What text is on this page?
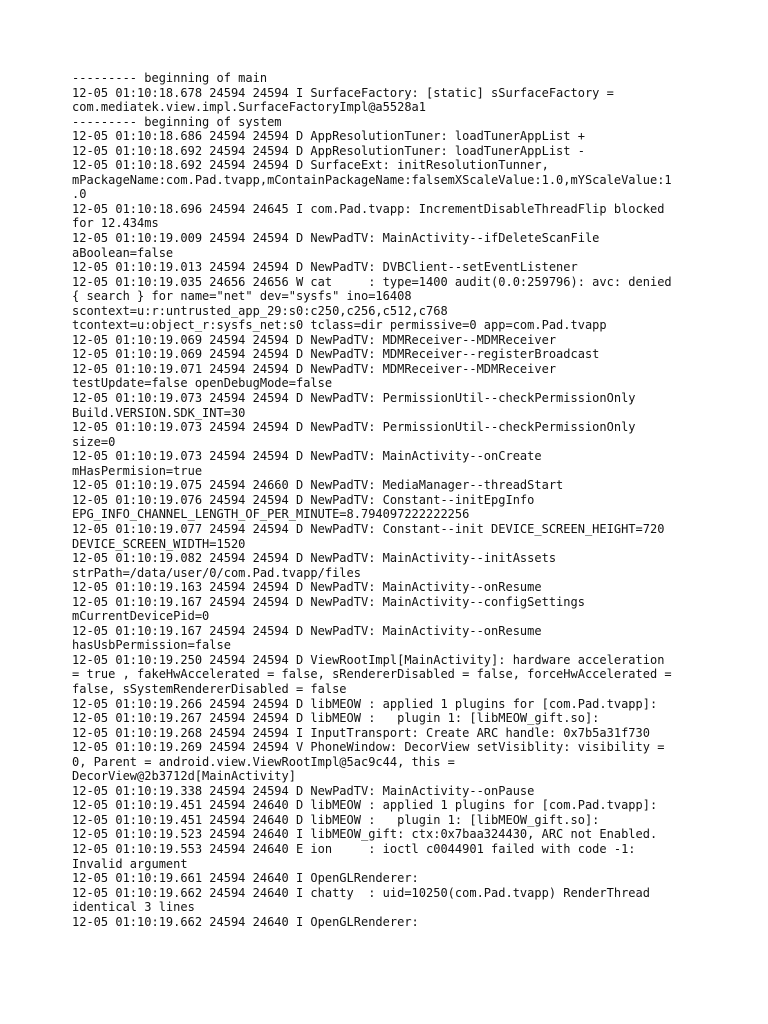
--------- beginning of main

12-05 01:10:18.678 24594 24594 I SurfaceFactory: [static] sSurfaceFactory =

com.mediatek.view.impl.SurfaceFactoryImpl@a5528a1

--------- beginning of system

12-05 01:10:18.686 24594 24594 D AppResolutionTuner: loadTunerAppList +

12-05 01:10:18.692 24594 24594 D AppResolutionTuner: loadTunerAppList -

12-05 01:10:18.692 24594 24594 D SurfaceExt: initResolutionTunner,

mPackageName:com.Pad.tvapp,mContainPackageName:falsemXScaleValue:1.0,mYScaleValue:1

.0

12-05 01:10:18.696 24594 24645 I com.Pad.tvapp: IncrementDisableThreadFlip blocked

for 12.434ms

12-05 01:10:19.009 24594 24594 D NewPadTV: MainActivity--ifDeleteScanFile

aBoolean=false

12-05 01:10:19.013 24594 24594 D NewPadTV: DVBClient--setEventListener

12-05 01:10:19.035 24656 24656 W cat     : type=1400 audit(0.0:259796): avc: denied

{ search } for name="net" dev="sysfs" ino=16408

scontext=u:r:untrusted_app_29:s0:c250,c256,c512,c768

tcontext=u:object_r:sysfs_net:s0 tclass=dir permissive=0 app=com.Pad.tvapp

12-05 01:10:19.069 24594 24594 D NewPadTV: MDMReceiver--MDMReceiver

12-05 01:10:19.069 24594 24594 D NewPadTV: MDMReceiver--registerBroadcast

12-05 01:10:19.071 24594 24594 D NewPadTV: MDMReceiver--MDMReceiver

testUpdate=false openDebugMode=false

12-05 01:10:19.073 24594 24594 D NewPadTV: PermissionUtil--checkPermissionOnly

Build.VERSION.SDK_INT=30

12-05 01:10:19.073 24594 24594 D NewPadTV: PermissionUtil--checkPermissionOnly

size=0

12-05 01:10:19.073 24594 24594 D NewPadTV: MainActivity--onCreate

mHasPermision=true

12-05 01:10:19.075 24594 24660 D NewPadTV: MediaManager--threadStart

12-05 01:10:19.076 24594 24594 D NewPadTV: Constant--initEpgInfo

EPG_INFO_CHANNEL_LENGTH_OF_PER_MINUTE=8.794097222222256

12-05 01:10:19.077 24594 24594 D NewPadTV: Constant--init DEVICE_SCREEN_HEIGHT=720

DEVICE_SCREEN_WIDTH=1520

12-05 01:10:19.082 24594 24594 D NewPadTV: MainActivity--initAssets

strPath=/data/user/0/com.Pad.tvapp/files

12-05 01:10:19.163 24594 24594 D NewPadTV: MainActivity--onResume

12-05 01:10:19.167 24594 24594 D NewPadTV: MainActivity--configSettings

mCurrentDevicePid=0

12-05 01:10:19.167 24594 24594 D NewPadTV: MainActivity--onResume

hasUsbPermission=false

12-05 01:10:19.250 24594 24594 D ViewRootImpl[MainActivity]: hardware acceleration

= true , fakeHwAccelerated = false, sRendererDisabled = false, forceHwAccelerated =

false, sSystemRendererDisabled = false

12-05 01:10:19.266 24594 24594 D libMEOW : applied 1 plugins for [com.Pad.tvapp]:

12-05 01:10:19.267 24594 24594 D libMEOW :   plugin 1: [libMEOW_gift.so]:

12-05 01:10:19.268 24594 24594 I InputTransport: Create ARC handle: 0x7b5a31f730

12-05 01:10:19.269 24594 24594 V PhoneWindow: DecorView setVisiblity: visibility =

0, Parent = android.view.ViewRootImpl@5ac9c44, this =

DecorView@2b3712d[MainActivity]

12-05 01:10:19.338 24594 24594 D NewPadTV: MainActivity--onPause

12-05 01:10:19.451 24594 24640 D libMEOW : applied 1 plugins for [com.Pad.tvapp]:

12-05 01:10:19.451 24594 24640 D libMEOW :   plugin 1: [libMEOW_gift.so]:

12-05 01:10:19.523 24594 24640 I libMEOW_gift: ctx:0x7baa324430, ARC not Enabled.

12-05 01:10:19.553 24594 24640 E ion     : ioctl c0044901 failed with code -1:

Invalid argument

12-05 01:10:19.661 24594 24640 I OpenGLRenderer:

12-05 01:10:19.662 24594 24640 I chatty  : uid=10250(com.Pad.tvapp) RenderThread

identical 3 lines

12-05 01:10:19.662 24594 24640 I OpenGLRenderer:
